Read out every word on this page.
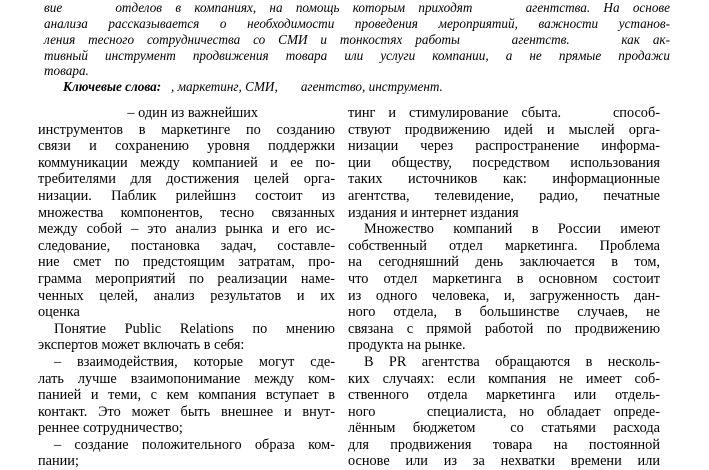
вие    отделов в компаниях, на помощь которым приходят    агентства. На основе
анализа рассказывается о необходимости проведения мероприятий, важности установ-
ления тесного сотрудничества со СМИ и тонкостях работы    агентств.    как ак-
тивный инструмент продвижения товара или услуги компании, а не прямые продажи
товара.
Ключевые слова:   , маркетинг, СМИ,       агентство, инструмент.
– один из важнейших
инструментов в маркетинге по созданию
связи и сохранению уровня поддержки
коммуникации между компанией и ее по-
требителями для достижения целей орга-
низации. Паблик рилейшнз состоит из
множества компонентов, тесно связанных
между собой – это анализ рынка и его ис-
следование, постановка задач, составле-
ние смет по предстоящим затратам, про-
грамма мероприятий по реализации наме-
ченных целей, анализ результатов и их
оценка
Понятие Public Relations по мнению
экспертов может включать в себя:
– взаимодействия, которые могут сде-
лать лучше взаимопонимание между ком-
панией и теми, с кем компания вступает в
контакт. Это может быть внешнее и внут-
реннее сотрудничество;
– создание положительного образа ком-
пании;
тинг и стимулирование сбыта.    способ-
ствуют продвижению идей и мыслей орга-
низации через распространение информа-
ции обществу, посредством использования
таких источников как: информационные
агентства, телевидение, радио, печатные
издания и интернет издания
Множество компаний в России имеют
собственный отдел маркетинга. Проблема
на сегодняшний день заключается в том,
что отдел маркетинга в основном состоит
из одного человека, и, загруженность дан-
ного отдела, в большинстве случаев, не
связана с прямой работой по продвижению
продукта на рынке.
В PR агентства обращаются в несколь-
ких случаях: если компания не имеет соб-
ственного отдела маркетинга или отдель-
ного    специалиста, но обладает опреде-
лённым бюджетом  со статьями расхода
для продвижения товара на постоянной
основе или из за нехватки времени или
